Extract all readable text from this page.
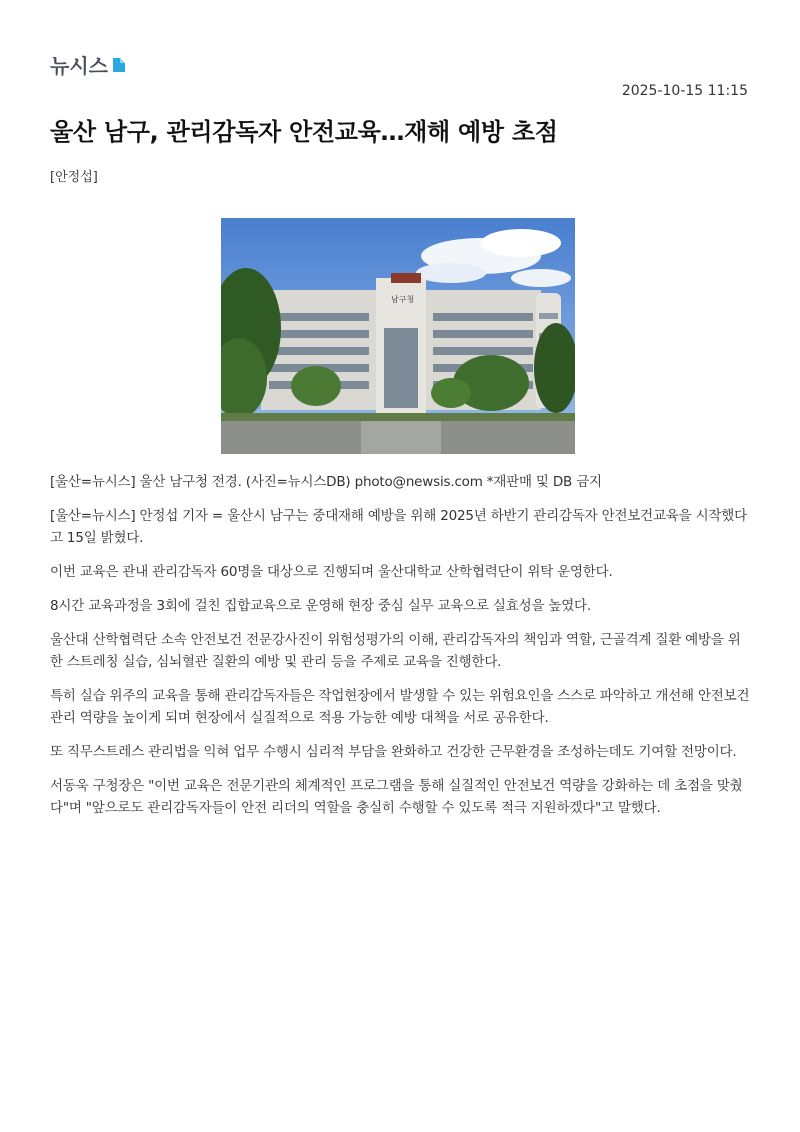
뉴시스
2025-10-15 11:15
울산 남구, 관리감독자 안전교육…재해 예방 초점
[안정섭]
남구청

[울산=뉴시스] 울산 남구청 전경. (사진=뉴시스DB) photo@newsis.com *재판매 및 DB 금지

[울산=뉴시스] 안정섭 기자 = 울산시 남구는 중대재해 예방을 위해 2025년 하반기 관리감독자 안전보건교육을 시작했다고 15일 밝혔다.

이번 교육은 관내 관리감독자 60명을 대상으로 진행되며 울산대학교 산학협력단이 위탁 운영한다.

8시간 교육과정을 3회에 걸친 집합교육으로 운영해 현장 중심 실무 교육으로 실효성을 높였다.

울산대 산학협력단 소속 안전보건 전문강사진이 위험성평가의 이해, 관리감독자의 책임과 역할, 근골격계 질환 예방을 위한 스트레칭 실습, 심뇌혈관 질환의 예방 및 관리 등을 주제로 교육을 진행한다.

특히 실습 위주의 교육을 통해 관리감독자들은 작업현장에서 발생할 수 있는 위험요인을 스스로 파악하고 개선해 안전보건관리 역량을 높이게 되며 현장에서 실질적으로 적용 가능한 예방 대책을 서로 공유한다.

또 직무스트레스 관리법을 익혀 업무 수행시 심리적 부담을 완화하고 건강한 근무환경을 조성하는데도 기여할 전망이다.

서동욱 구청장은 "이번 교육은 전문기관의 체계적인 프로그램을 통해 실질적인 안전보건 역량을 강화하는 데 초점을 맞췄다"며 "앞으로도 관리감독자들이 안전 리더의 역할을 충실히 수행할 수 있도록 적극 지원하겠다"고 말했다.
